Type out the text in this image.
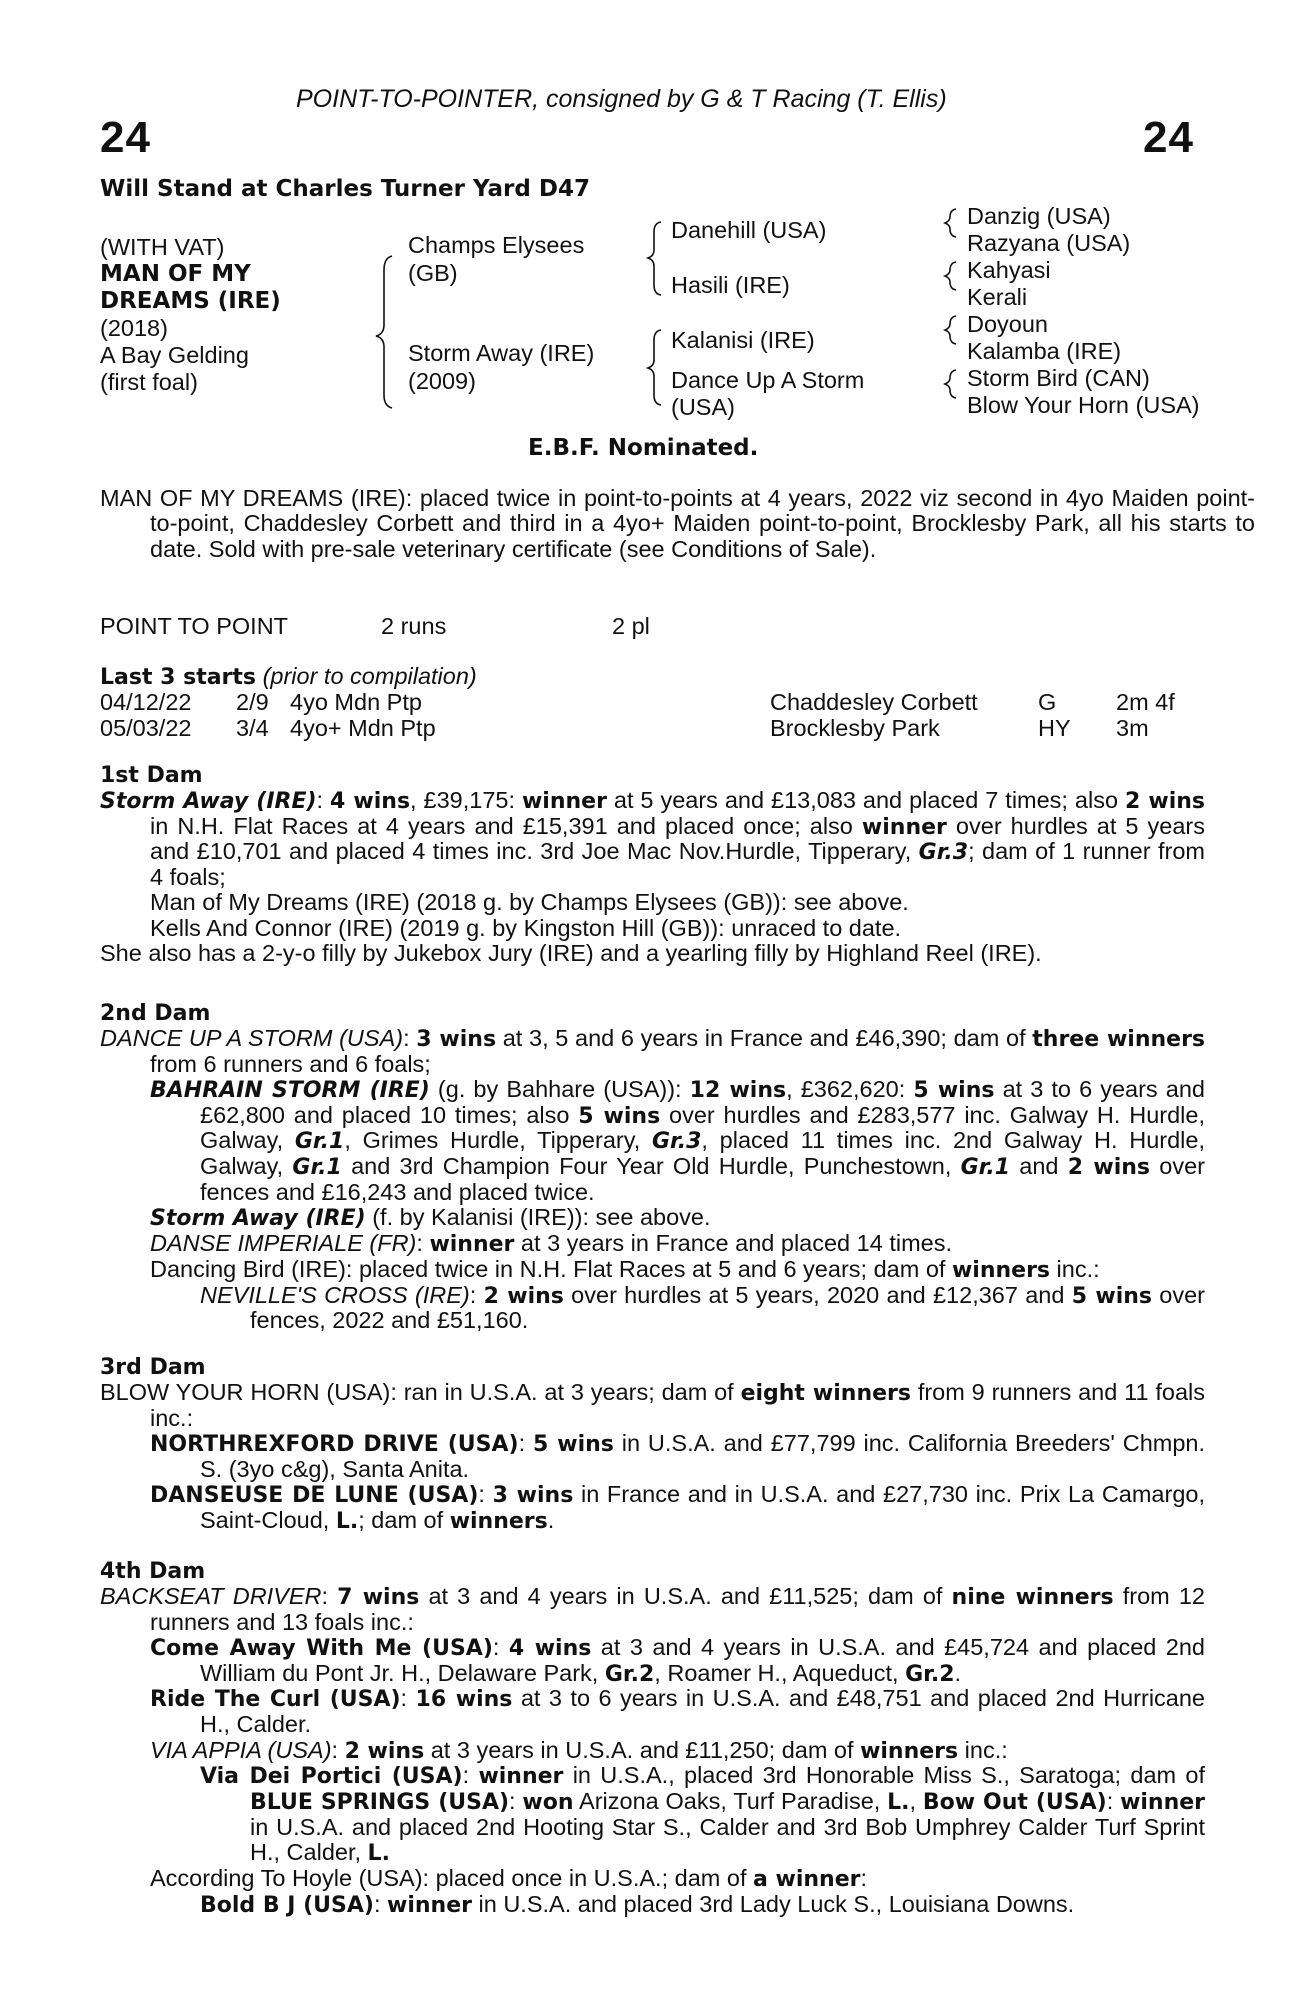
POINT-TO-POINTER, consigned by G & T Racing (T. Ellis)
24	24
Will Stand at Charles Turner Yard D47
(WITH VAT)
MAN OF MY
DREAMS (IRE)
(2018)
A Bay Gelding
(first foal)
Champs Elysees
(GB)
Storm Away (IRE)
(2009)
Danehill (USA)
Hasili (IRE)
Kalanisi (IRE)
Dance Up A Storm
(USA)
Danzig (USA)
Razyana (USA)
Kahyasi
Kerali
Doyoun
Kalamba (IRE)
Storm Bird (CAN)
Blow Your Horn (USA)
E.B.F. Nominated.
MAN OF MY DREAMS (IRE): placed twice in point-to-points at 4 years, 2022 viz second in 4yo Maiden point-to-point, Chaddesley Corbett and third in a 4yo+ Maiden point-to-point, Brocklesby Park, all his starts to date. Sold with pre-sale veterinary certificate (see Conditions of Sale).
POINT TO POINT	2 runs	2 pl
Last 3 starts (prior to compilation)
04/12/22 2/9 4yo Mdn Ptp	Chaddesley Corbett	G	2m 4f
05/03/22 3/4 4yo+ Mdn Ptp	Brocklesby Park	HY 3m
1st Dam
Storm Away (IRE): 4 wins, £39,175: winner at 5 years and £13,083 and placed 7 times; also 2 wins in N.H. Flat Races at 4 years and £15,391 and placed once; also winner over hurdles at 5 years and £10,701 and placed 4 times inc. 3rd Joe Mac Nov.Hurdle, Tipperary, Gr.3; dam of 1 runner from 4 foals;
Man of My Dreams (IRE) (2018 g. by Champs Elysees (GB)): see above.
Kells And Connor (IRE) (2019 g. by Kingston Hill (GB)): unraced to date.
She also has a 2-y-o filly by Jukebox Jury (IRE) and a yearling filly by Highland Reel (IRE).
2nd Dam
DANCE UP A STORM (USA): 3 wins at 3, 5 and 6 years in France and £46,390; dam of three winners from 6 runners and 6 foals;
BAHRAIN STORM (IRE) (g. by Bahhare (USA)): 12 wins, £362,620: 5 wins at 3 to 6 years and £62,800 and placed 10 times; also 5 wins over hurdles and £283,577 inc. Galway H. Hurdle, Galway, Gr.1, Grimes Hurdle, Tipperary, Gr.3, placed 11 times inc. 2nd Galway H. Hurdle, Galway, Gr.1 and 3rd Champion Four Year Old Hurdle, Punchestown, Gr.1 and 2 wins over fences and £16,243 and placed twice.
Storm Away (IRE) (f. by Kalanisi (IRE)): see above.
DANSE IMPERIALE (FR): winner at 3 years in France and placed 14 times.
Dancing Bird (IRE): placed twice in N.H. Flat Races at 5 and 6 years; dam of winners inc.:
NEVILLE'S CROSS (IRE): 2 wins over hurdles at 5 years, 2020 and £12,367 and 5 wins over fences, 2022 and £51,160.
3rd Dam
BLOW YOUR HORN (USA): ran in U.S.A. at 3 years; dam of eight winners from 9 runners and 11 foals inc.:
NORTHREXFORD DRIVE (USA): 5 wins in U.S.A. and £77,799 inc. California Breeders' Chmpn. S. (3yo c&g), Santa Anita.
DANSEUSE DE LUNE (USA): 3 wins in France and in U.S.A. and £27,730 inc. Prix La Camargo, Saint-Cloud, L.; dam of winners.
4th Dam
BACKSEAT DRIVER: 7 wins at 3 and 4 years in U.S.A. and £11,525; dam of nine winners from 12 runners and 13 foals inc.:
Come Away With Me (USA): 4 wins at 3 and 4 years in U.S.A. and £45,724 and placed 2nd William du Pont Jr. H., Delaware Park, Gr.2, Roamer H., Aqueduct, Gr.2.
Ride The Curl (USA): 16 wins at 3 to 6 years in U.S.A. and £48,751 and placed 2nd Hurricane H., Calder.
VIA APPIA (USA): 2 wins at 3 years in U.S.A. and £11,250; dam of winners inc.:
Via Dei Portici (USA): winner in U.S.A., placed 3rd Honorable Miss S., Saratoga; dam of BLUE SPRINGS (USA): won Arizona Oaks, Turf Paradise, L., Bow Out (USA): winner in U.S.A. and placed 2nd Hooting Star S., Calder and 3rd Bob Umphrey Calder Turf Sprint H., Calder, L.
According To Hoyle (USA): placed once in U.S.A.; dam of a winner:
Bold B J (USA): winner in U.S.A. and placed 3rd Lady Luck S., Louisiana Downs.
